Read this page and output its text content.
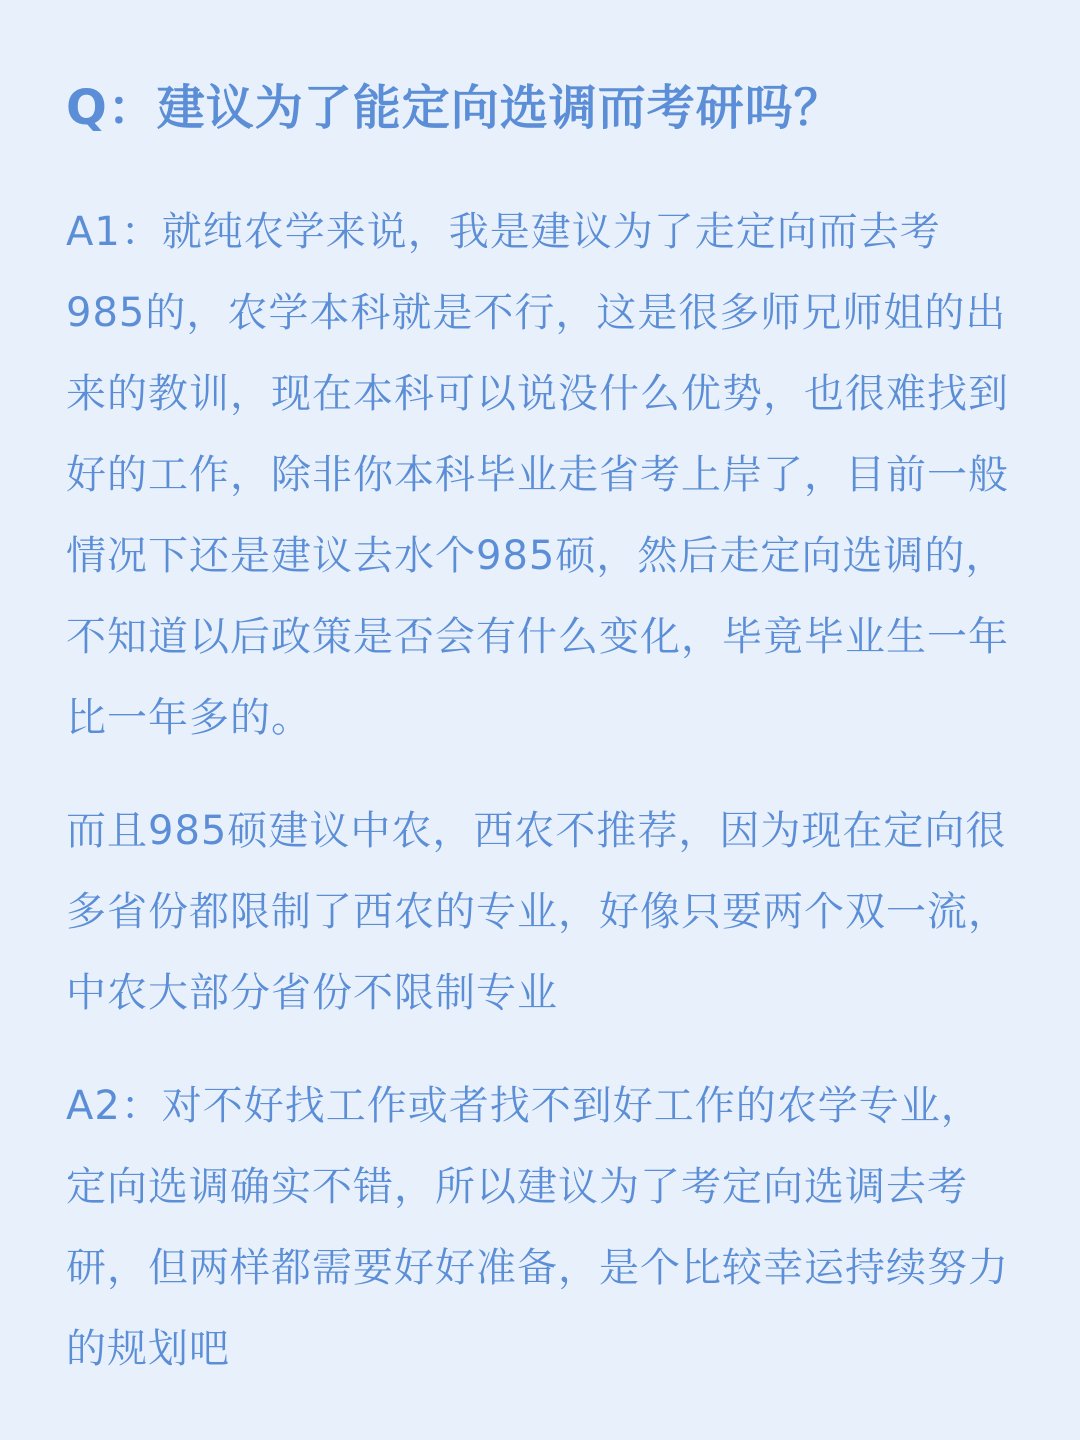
Q：建议为了能定向选调而考研吗？

A1：就纯农学来说，我是建议为了走定向而去考985的，农学本科就是不行，这是很多师兄师姐的出来的教训，现在本科可以说没什么优势，也很难找到好的工作，除非你本科毕业走省考上岸了，目前一般情况下还是建议去水个985硕，然后走定向选调的，不知道以后政策是否会有什么变化，毕竟毕业生一年比一年多的。

而且985硕建议中农，西农不推荐，因为现在定向很多省份都限制了西农的专业，好像只要两个双一流，中农大部分省份不限制专业

A2：对不好找工作或者找不到好工作的农学专业，定向选调确实不错，所以建议为了考定向选调去考研，但两样都需要好好准备，是个比较幸运持续努力的规划吧
